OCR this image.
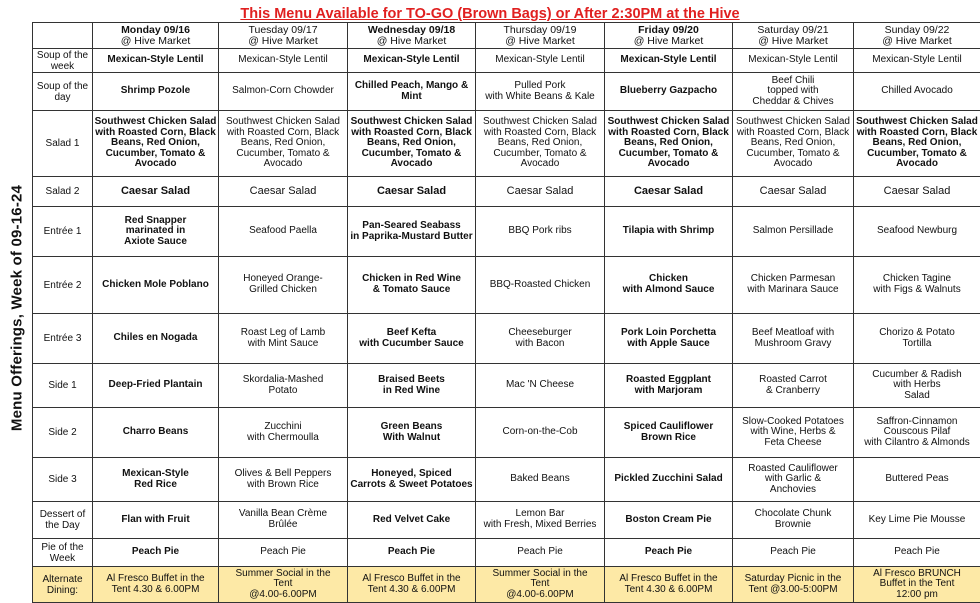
This Menu Available for TO-GO (Brown Bags) or After 2:30PM at the Hive
Menu Offerings, Week of 09-16-24
	Monday 09/16
@ Hive Market	Tuesday 09/17
@ Hive Market	Wednesday 09/18
@ Hive Market	Thursday 09/19
@ Hive Market	Friday 09/20
@ Hive Market	Saturday 09/21
@ Hive Market	Sunday 09/22
@ Hive Market
Soup of the
week	Mexican-Style Lentil	Mexican-Style Lentil	Mexican-Style Lentil	Mexican-Style Lentil	Mexican-Style Lentil	Mexican-Style Lentil	Mexican-Style Lentil
Soup of the
day	Shrimp Pozole	Salmon-Corn Chowder	Chilled Peach, Mango &
Mint	Pulled Pork
with White Beans & Kale	Blueberry Gazpacho	Beef Chili
topped with
Cheddar & Chives	Chilled Avocado
Salad 1	Southwest Chicken Salad
with Roasted Corn, Black
Beans, Red Onion,
Cucumber, Tomato &
Avocado	Southwest Chicken Salad
with Roasted Corn, Black
Beans, Red Onion,
Cucumber, Tomato &
Avocado	Southwest Chicken Salad
with Roasted Corn, Black
Beans, Red Onion,
Cucumber, Tomato &
Avocado	Southwest Chicken Salad
with Roasted Corn, Black
Beans, Red Onion,
Cucumber, Tomato &
Avocado	Southwest Chicken Salad
with Roasted Corn, Black
Beans, Red Onion,
Cucumber, Tomato &
Avocado	Southwest Chicken Salad
with Roasted Corn, Black
Beans, Red Onion,
Cucumber, Tomato &
Avocado	Southwest Chicken Salad
with Roasted Corn, Black
Beans, Red Onion,
Cucumber, Tomato &
Avocado
Salad 2	Caesar Salad	Caesar Salad	Caesar Salad	Caesar Salad	Caesar Salad	Caesar Salad	Caesar Salad
Entrée 1	Red Snapper
marinated in
Axiote Sauce	Seafood Paella	Pan-Seared Seabass
in Paprika-Mustard Butter	BBQ Pork ribs	Tilapia with Shrimp	Salmon Persillade	Seafood Newburg
Entrée 2	Chicken Mole Poblano	Honeyed Orange-
Grilled Chicken	Chicken in Red Wine
& Tomato Sauce	BBQ-Roasted Chicken	Chicken
with Almond Sauce	Chicken Parmesan
with Marinara Sauce	Chicken Tagine
with Figs & Walnuts
Entrée 3	Chiles en Nogada	Roast Leg of Lamb
with Mint Sauce	Beef Kefta
with Cucumber Sauce	Cheeseburger
with Bacon	Pork Loin Porchetta
with Apple Sauce	Beef Meatloaf with
Mushroom Gravy	Chorizo & Potato
Tortilla
Side 1	Deep-Fried Plantain	Skordalia-Mashed
Potato	Braised Beets
in Red Wine	Mac 'N Cheese	Roasted Eggplant
with Marjoram	Roasted Carrot
& Cranberry	Cucumber & Radish
with Herbs
Salad
Side 2	Charro Beans	Zucchini
with Chermoulla	Green Beans
With Walnut	Corn-on-the-Cob	Spiced Cauliflower
Brown Rice	Slow-Cooked Potatoes
with Wine, Herbs &
Feta Cheese	Saffron-Cinnamon
Couscous Pilaf
with Cilantro & Almonds
Side 3	Mexican-Style
Red Rice	Olives & Bell Peppers
with Brown Rice	Honeyed, Spiced
Carrots & Sweet Potatoes	Baked Beans	Pickled Zucchini Salad	Roasted Cauliflower
with Garlic &
Anchovies	Buttered Peas
Dessert of
the Day	Flan with Fruit	Vanilla Bean Crème
Brûlée	Red Velvet Cake	Lemon Bar
with Fresh, Mixed Berries	Boston Cream Pie	Chocolate Chunk
Brownie	Key Lime Pie Mousse
Pie of the
Week	Peach Pie	Peach Pie	Peach Pie	Peach Pie	Peach Pie	Peach Pie	Peach Pie
Alternate
Dining:	Al Fresco Buffet in the
Tent 4.30 & 6.00PM	Summer Social in the
Tent
@4.00-6.00PM	Al Fresco Buffet in the
Tent 4.30 & 6.00PM	Summer Social in the
Tent
@4.00-6.00PM	Al Fresco Buffet in the
Tent 4.30 & 6.00PM	Saturday Picnic in the
Tent @3.00-5:00PM	Al Fresco BRUNCH
Buffet in the Tent
12:00 pm
